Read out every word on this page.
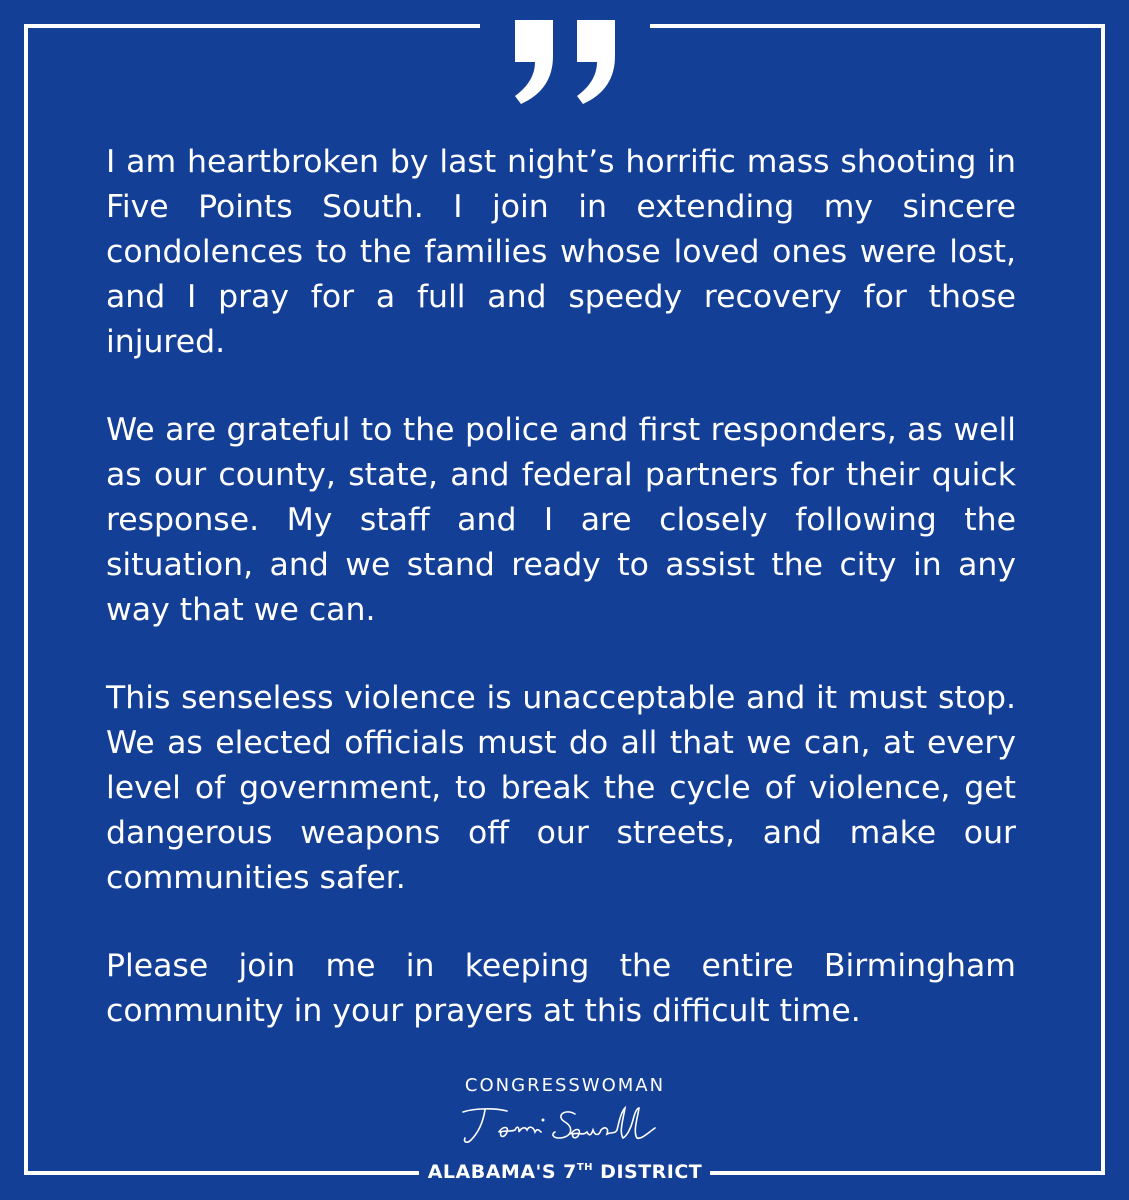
I am heartbroken by last night’s horrific mass shooting in Five Points South. I join in extending my sincere condolences to the families whose loved ones were lost, and I pray for a full and speedy recovery for those injured.

We are grateful to the police and first responders, as well as our county, state, and federal partners for their quick response. My staff and I are closely following the situation, and we stand ready to assist the city in any way that we can.

This senseless violence is unacceptable and it must stop. We as elected officials must do all that we can, at every level of government, to break the cycle of violence, get dangerous weapons off our streets, and make our communities safer.

Please join me in keeping the entire Birmingham community in your prayers at this difficult time.

CONGRESSWOMAN
ALABAMA'S 7TH DISTRICT
